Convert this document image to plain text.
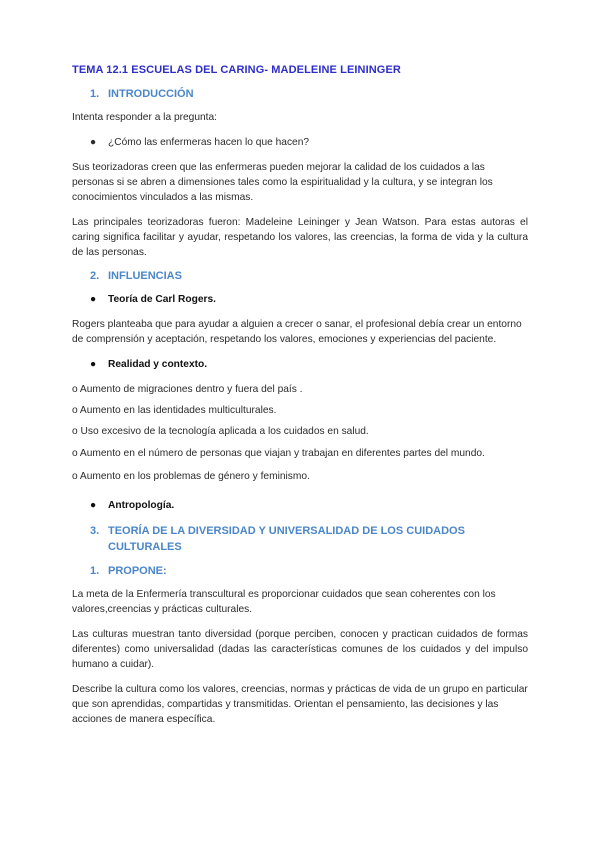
TEMA 12.1 ESCUELAS DEL CARING- MADELEINE LEININGER
1. INTRODUCCIÓN

Intenta responder a la pregunta:

●	¿Cómo las enfermeras hacen lo que hacen?

Sus teorizadoras creen que las enfermeras pueden mejorar la calidad de los cuidados a las personas si se abren a dimensiones tales como la espiritualidad y la cultura, y se integran los conocimientos vinculados a las mismas.

Las principales teorizadoras fueron: Madeleine Leininger y Jean Watson. Para estas autoras el caring significa facilitar y ayudar, respetando los valores, las creencias, la forma de vida y la cultura de las personas.

2. INFLUENCIAS
●	Teoría de Carl Rogers.

Rogers planteaba que para ayudar a alguien a crecer o sanar, el profesional debía crear un entorno de comprensión y aceptación, respetando los valores, emociones y experiencias del paciente.

●	Realidad y contexto.
o Aumento de migraciones dentro y fuera del país .
o Aumento en las identidades multiculturales.
o Uso excesivo de la tecnología aplicada a los cuidados en salud.
o Aumento en el número de personas que viajan y trabajan en diferentes partes del mundo.
o Aumento en los problemas de género y feminismo.
●	Antropología.
3. TEORÍA DE LA DIVERSIDAD Y UNIVERSALIDAD DE LOS CUIDADOS CULTURALES
1. PROPONE:

La meta de la Enfermería transcultural es proporcionar cuidados que sean coherentes con los valores,creencias y prácticas culturales.

Las culturas muestran tanto diversidad (porque perciben, conocen y practican cuidados de formas diferentes) como universalidad (dadas las características comunes de los cuidados y del impulso humano a cuidar).

Describe la cultura como los valores, creencias, normas y prácticas de vida de un grupo en particular que son aprendidas, compartidas y transmitidas. Orientan el pensamiento, las decisiones y las acciones de manera específica.
